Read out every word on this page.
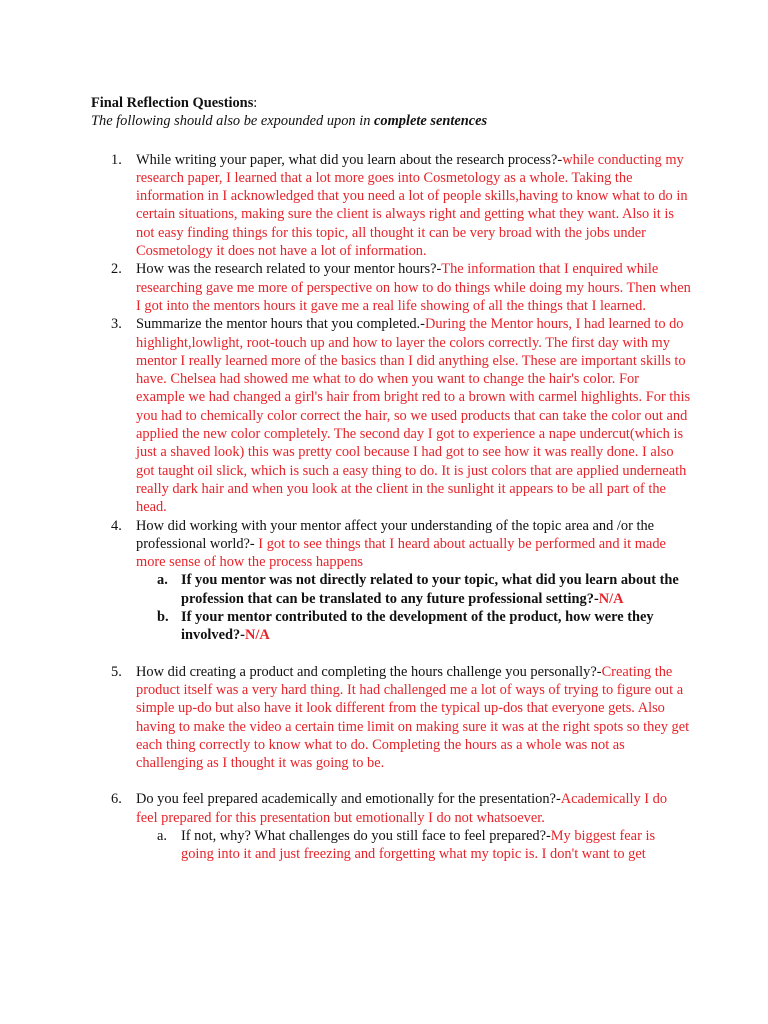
Final Reflection Questions:

The following should also be expounded upon in complete sentences

1. While writing your paper, what did you learn about the research process?-while conducting my research paper, I learned that a lot more goes into Cosmetology as a whole. Taking the information in I acknowledged that you need a lot of people skills,having to know what to do in certain situations, making sure the client is always right and getting what they want. Also it is not easy finding things for this topic, all thought it can be very broad with the jobs under Cosmetology it does not have a lot of information.
2. How was the research related to your mentor hours?-The information that I enquired while researching gave me more of perspective on how to do things while doing my hours. Then when I got into the mentors hours it gave me a real life showing of all the things that I learned.
3. Summarize the mentor hours that you completed.-During the Mentor hours, I had learned to do highlight,lowlight, root-touch up and how to layer the colors correctly. The first day with my mentor I really learned more of the basics than I did anything else. These are important skills to have. Chelsea had showed me what to do when you want to change the hair's color. For example we had changed a girl's hair from bright red to a brown with carmel highlights. For this you had to chemically color correct the hair, so we used products that can take the color out and applied the new color completely. The second day I got to experience a nape undercut(which is just a shaved look) this was pretty cool because I had got to see how it was really done. I also got taught oil slick, which is such a easy thing to do. It is just colors that are applied underneath really dark hair and when you look at the client in the sunlight it appears to be all part of the head.
4. How did working with your mentor affect your understanding of the topic area and /or the professional world?- I got to see things that I heard about actually be performed and it made more sense of how the process happens
a. If you mentor was not directly related to your topic, what did you learn about the profession that can be translated to any future professional setting?-N/A
b. If your mentor contributed to the development of the product, how were they involved?-N/A
5. How did creating a product and completing the hours challenge you personally?-Creating the product itself was a very hard thing. It had challenged me a lot of ways of trying to figure out a simple up-do but also have it look different from the typical up-dos that everyone gets. Also having to make the video a certain time limit on making sure it was at the right spots so they get each thing correctly to know what to do. Completing the hours as a whole was not as challenging as I thought it was going to be.
6. Do you feel prepared academically and emotionally for the presentation?-Academically I do feel prepared for this presentation but emotionally I do not whatsoever.
a. If not, why? What challenges do you still face to feel prepared?-My biggest fear is going into it and just freezing and forgetting what my topic is. I don't want to get
